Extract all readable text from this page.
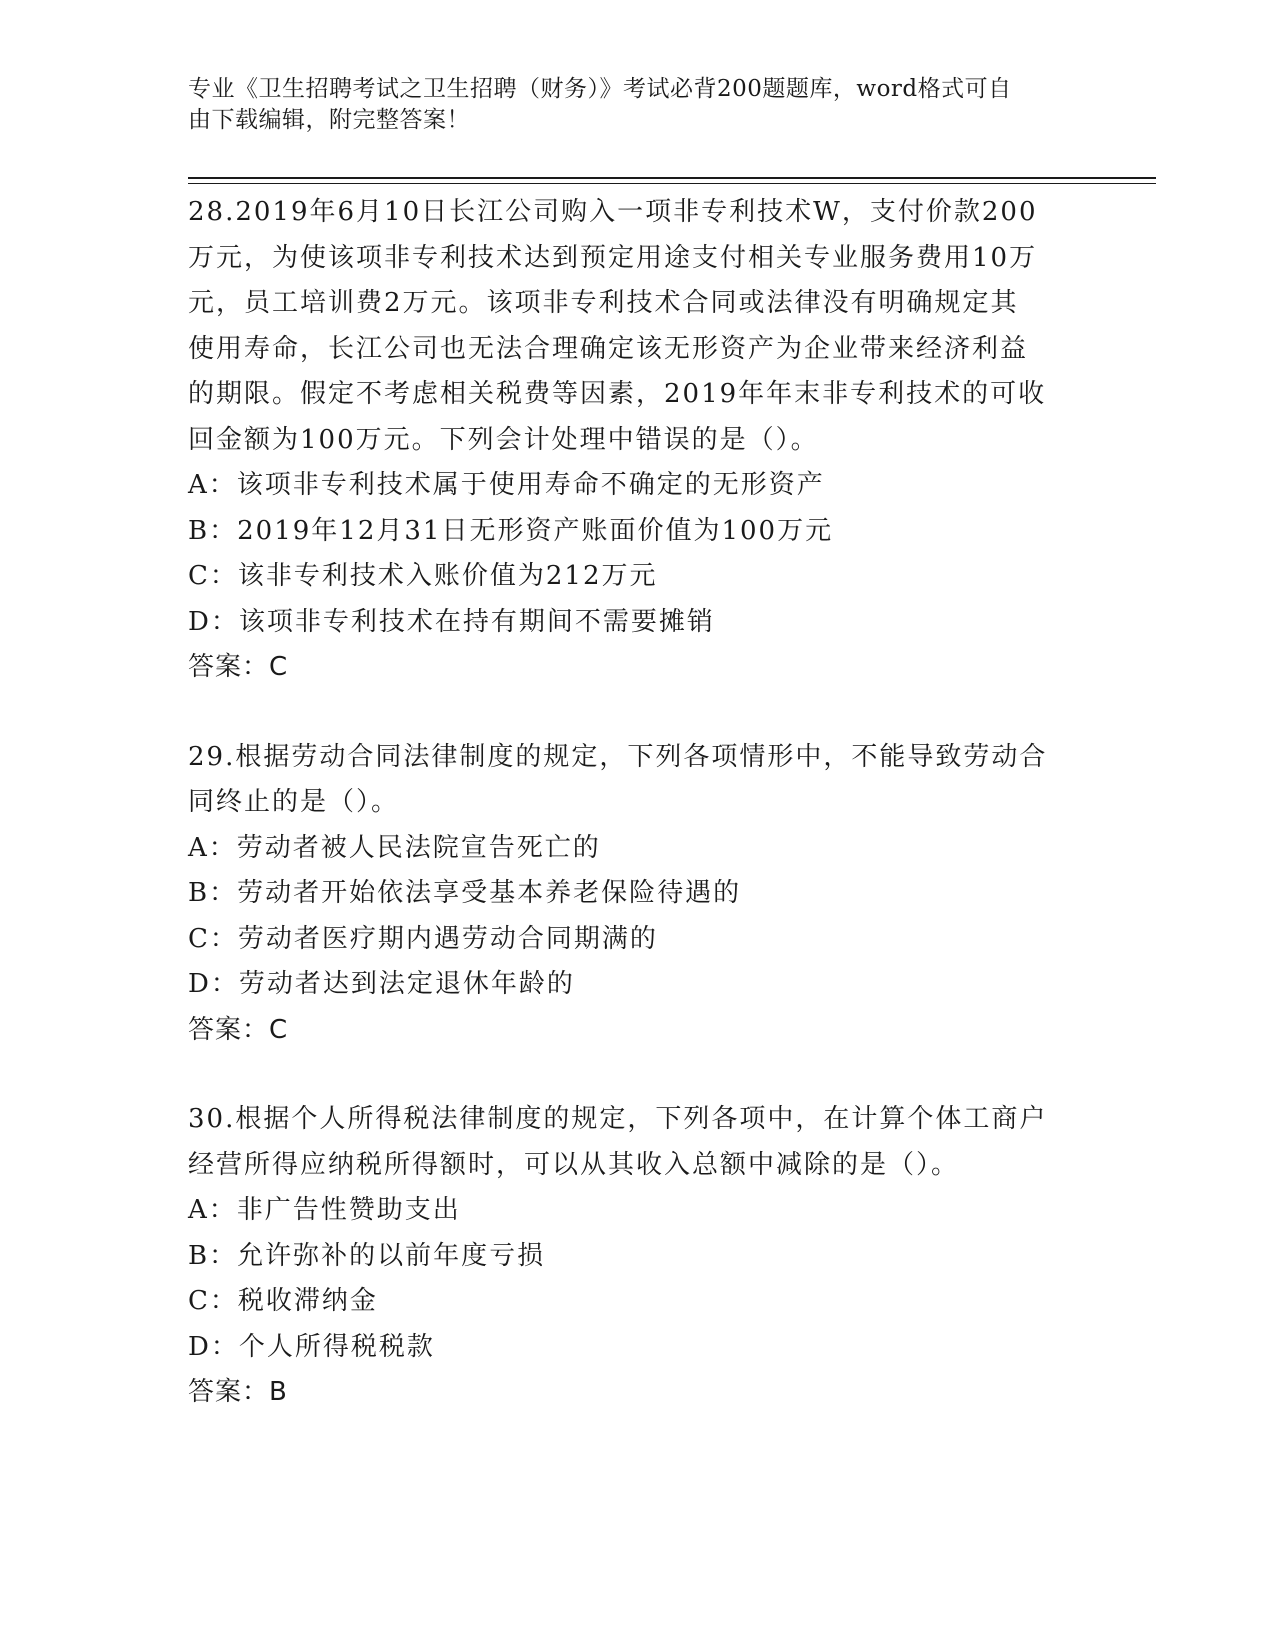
专业《卫生招聘考试之卫生招聘（财务）》考试必背200题题库，word格式可自
由下载编辑，附完整答案！
28.2019年6月10日长江公司购入一项非专利技术W，支付价款200
万元，为使该项非专利技术达到预定用途支付相关专业服务费用10万
元，员工培训费2万元。该项非专利技术合同或法律没有明确规定其
使用寿命，长江公司也无法合理确定该无形资产为企业带来经济利益
的期限。假定不考虑相关税费等因素，2019年年末非专利技术的可收
回金额为100万元。下列会计处理中错误的是（）。
A：该项非专利技术属于使用寿命不确定的无形资产
B：2019年12月31日无形资产账面价值为100万元
C：该非专利技术入账价值为212万元
D：该项非专利技术在持有期间不需要摊销
答案：C
29.根据劳动合同法律制度的规定，下列各项情形中，不能导致劳动合
同终止的是（）。
A：劳动者被人民法院宣告死亡的
B：劳动者开始依法享受基本养老保险待遇的
C：劳动者医疗期内遇劳动合同期满的
D：劳动者达到法定退休年龄的
答案：C
30.根据个人所得税法律制度的规定，下列各项中，在计算个体工商户
经营所得应纳税所得额时，可以从其收入总额中减除的是（）。
A：非广告性赞助支出
B：允许弥补的以前年度亏损
C：税收滞纳金
D：个人所得税税款
答案：B
